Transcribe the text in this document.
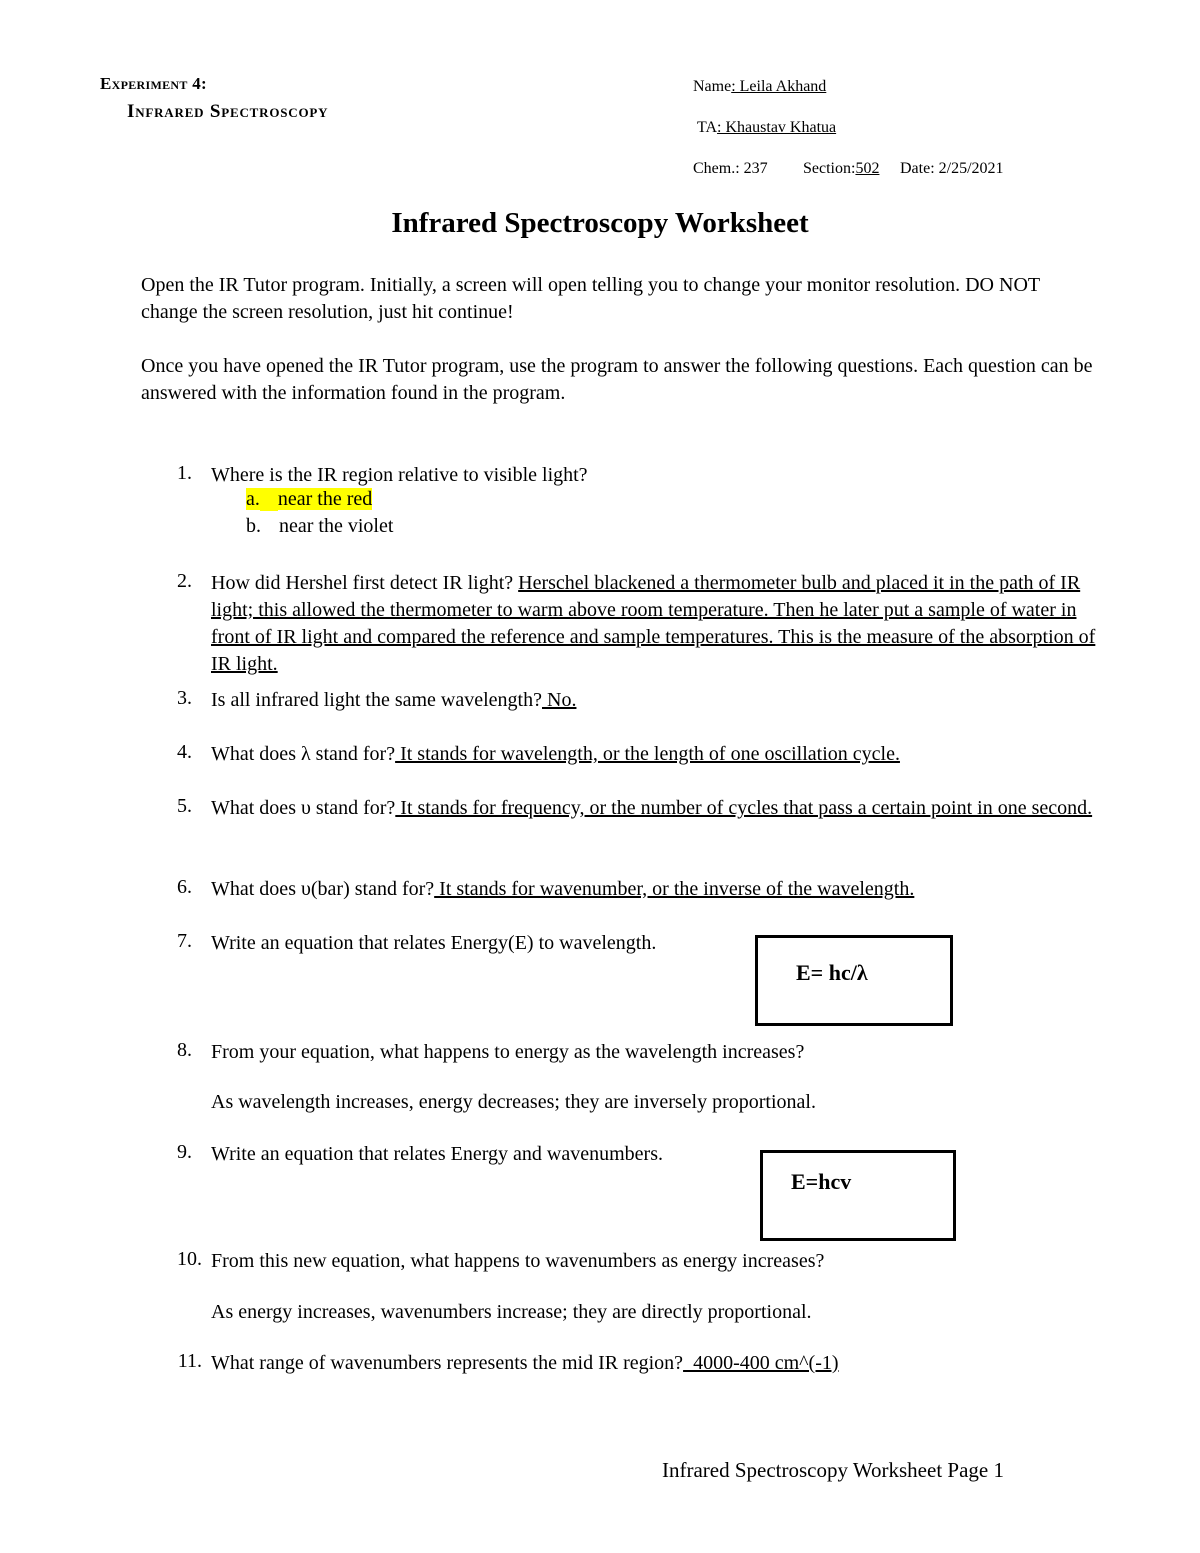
Experiment 4:
Infrared Spectroscopy
Name: Leila Akhand
TA: Khaustav Khatua
Chem.: 237 Section:502 Date: 2/25/2021
Infrared Spectroscopy Worksheet
Open the IR Tutor program. Initially, a screen will open telling you to change your monitor resolution. DO NOT change the screen resolution, just hit continue!
Once you have opened the IR Tutor program, use the program to answer the following questions. Each question can be answered with the information found in the program.
1. Where is the IR region relative to visible light?
a. near the red
b. near the violet
2. How did Hershel first detect IR light? Herschel blackened a thermometer bulb and placed it in the path of IR light; this allowed the thermometer to warm above room temperature. Then he later put a sample of water in front of IR light and compared the reference and sample temperatures. This is the measure of the absorption of IR light.
3. Is all infrared light the same wavelength? No.
4. What does λ stand for? It stands for wavelength, or the length of one oscillation cycle.
5. What does υ stand for? It stands for frequency, or the number of cycles that pass a certain point in one second.
6. What does υ(bar) stand for? It stands for wavenumber, or the inverse of the wavelength.
7. Write an equation that relates Energy(E) to wavelength.
E= hc/λ
8. From your equation, what happens to energy as the wavelength increases?
As wavelength increases, energy decreases; they are inversely proportional.
9. Write an equation that relates Energy and wavenumbers.
E=hcv
10. From this new equation, what happens to wavenumbers as energy increases?
As energy increases, wavenumbers increase; they are directly proportional.
11. What range of wavenumbers represents the mid IR region?  4000-400 cm^(-1)
Infrared Spectroscopy Worksheet Page 1
